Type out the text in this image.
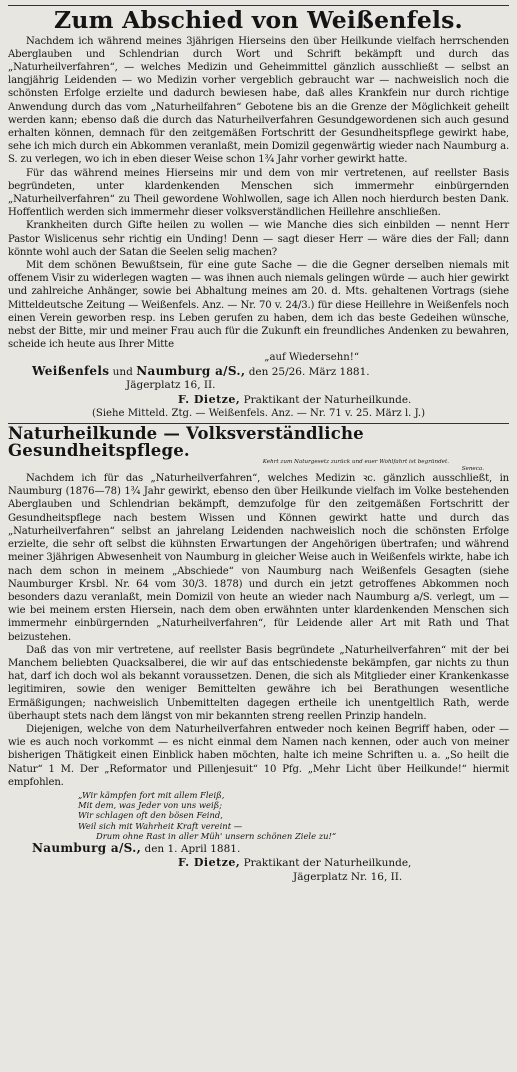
Zum Abschied von Weißenfels.

Nachdem ich während meines 3jährigen Hierseins den über Heilkunde vielfach herrschenden Aberglauben und Schlendrian durch Wort und Schrift bekämpft und durch das „Naturheilverfahren“, — welches Medizin und Geheimmittel gänzlich ausschließt — selbst an langjährig Leidenden — wo Medizin vorher vergeblich gebraucht war — nachweislich noch die schönsten Erfolge erzielte und dadurch bewiesen habe, daß alles Krankfein nur durch richtige Anwendung durch das vom „Naturheilfahren“ Gebotene bis an die Grenze der Möglichkeit geheilt werden kann; ebenso daß die durch das Naturheilverfahren Gesundgewordenen sich auch gesund erhalten können, demnach für den zeitgemäßen Fortschritt der Gesundheitspflege gewirkt habe, sehe ich mich durch ein Abkommen veranlaßt, mein Domizil gegenwärtig wieder nach Naumburg a. S. zu verlegen, wo ich in eben dieser Weise schon 1¾ Jahr vorher gewirkt hatte.

Für das während meines Hierseins mir und dem von mir vertretenen, auf reellster Basis begründeten, unter klardenkenden Menschen sich immermehr einbürgernden „Naturheilverfahren“ zu Theil gewordene Wohlwollen, sage ich Allen noch hierdurch besten Dank. Hoffentlich werden sich immermehr dieser volksverständlichen Heillehre anschließen.

Krankheiten durch Gifte heilen zu wollen — wie Manche dies sich einbilden — nennt Herr Pastor Wislicenus sehr richtig ein Unding! Denn — sagt dieser Herr — wäre dies der Fall; dann könnte wohl auch der Satan die Seelen selig machen?

Mit dem schönen Bewußtsein, für eine gute Sache — die die Gegner derselben niemals mit offenem Visir zu widerlegen wagten — was ihnen auch niemals gelingen würde — auch hier gewirkt und zahlreiche Anhänger, sowie bei Abhaltung meines am 20. d. Mts. gehaltenen Vortrags (siehe Mitteldeutsche Zeitung — Weißenfels. Anz. — Nr. 70 v. 24/3.) für diese Heillehre in Weißenfels noch einen Verein geworben resp. ins Leben gerufen zu haben, dem ich das beste Gedeihen wünsche, nebst der Bitte, mir und meiner Frau auch für die Zukunft ein freundliches Andenken zu bewahren, scheide ich heute aus Ihrer Mitte

„auf Wiedersehn!“

Weißenfels und Naumburg a/S., den 25/26. März 1881.

Jägerplatz 16, II.

F. Dietze, Praktikant der Naturheilkunde.

(Siehe Mitteld. Ztg. — Weißenfels. Anz. — Nr. 71 v. 25. März l. J.)

Naturheilkunde — Volksverständliche Gesundheitspflege.

Kehrt zum Naturgesetz zurück und euer Wohlfahrt ist begründet.

Seneca.

Nachdem ich für das „Naturheilverfahren“, welches Medizin ꝛc. gänzlich ausschließt, in Naumburg (1876—78) 1¾ Jahr gewirkt, ebenso den über Heilkunde vielfach im Volke bestehenden Aberglauben und Schlendrian bekämpft, demzufolge für den zeitgemäßen Fortschritt der Gesundheitspflege nach bestem Wissen und Können gewirkt hatte und durch das „Naturheilverfahren“ selbst an jahrelang Leidenden nachweislich noch die schönsten Erfolge erzielte, die sehr oft selbst die kühnsten Erwartungen der Angehörigen übertrafen; und während meiner 3jährigen Abwesenheit von Naumburg in gleicher Weise auch in Weißenfels wirkte, habe ich nach dem schon in meinem „Abschiede“ von Naumburg nach Weißenfels Gesagten (siehe Naumburger Krsbl. Nr. 64 vom 30/3. 1878) und durch ein jetzt getroffenes Abkommen noch besonders dazu veranlaßt, mein Domizil von heute an wieder nach Naumburg a/S. verlegt, um — wie bei meinem ersten Hiersein, nach dem oben erwähnten unter klardenkenden Menschen sich immermehr einbürgernden „Naturheilverfahren“, für Leidende aller Art mit Rath und That beizustehen.

Daß das von mir vertretene, auf reellster Basis begründete „Naturheilverfahren“ mit der bei Manchem beliebten Quacksalberei, die wir auf das entschiedenste bekämpfen, gar nichts zu thun hat, darf ich doch wol als bekannt voraussetzen. Denen, die sich als Mitglieder einer Krankenkasse legitimiren, sowie den weniger Bemittelten gewähre ich bei Berathungen wesentliche Ermäßigungen; nachweislich Unbemittelten dagegen ertheile ich unentgeltlich Rath, werde überhaupt stets nach dem längst von mir bekannten streng reellen Prinzip handeln.

Diejenigen, welche von dem Naturheilverfahren entweder noch keinen Begriff haben, oder — wie es auch noch vorkommt — es nicht einmal dem Namen nach kennen, oder auch von meiner bisherigen Thätigkeit einen Einblick haben möchten, halte ich meine Schriften u. a. „So heilt die Natur“ 1 M. Der „Reformator und Pillenjesuit“ 10 Pfg. „Mehr Licht über Heilkunde!“ hiermit empfohlen.

„Wir kämpfen fort mit allem Fleiß,
Mit dem, was Jeder von uns weiß;
Wir schlagen oft den bösen Feind,
Weil sich mit Wahrheit Kraft vereint —
Drum ohne Rast in aller Müh' unsern schönen Ziele zu!“

Naumburg a/S., den 1. April 1881.

F. Dietze, Praktikant der Naturheilkunde,

Jägerplatz Nr. 16, II.
